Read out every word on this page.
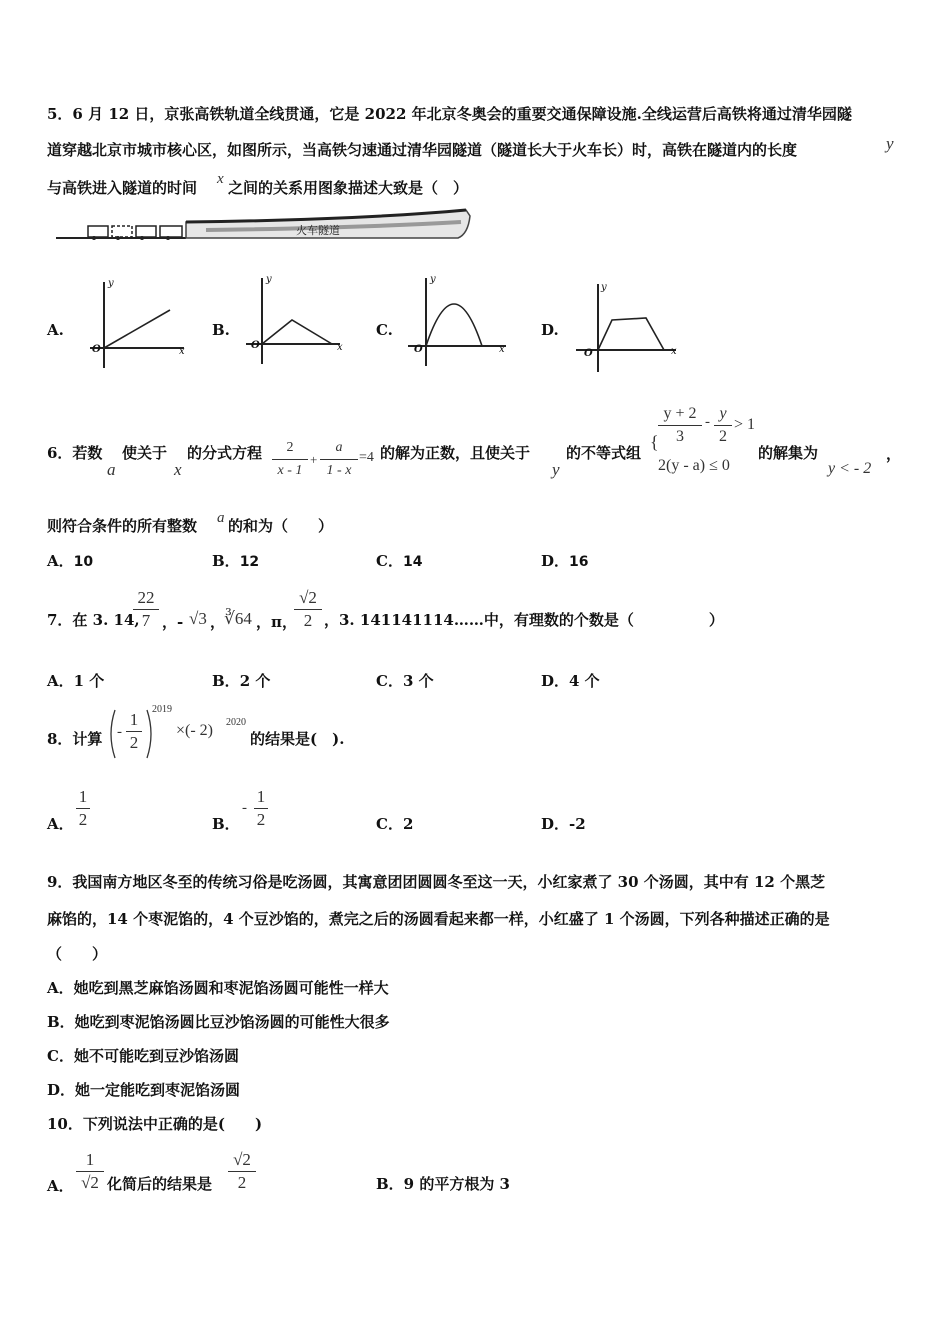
5．6 月 12 日，京张高铁轨道全线贯通，它是 2022 年北京冬奥会的重要交通保障设施.全线运营后高铁将通过清华园隧
道穿越北京市城市核心区，如图所示，当高铁匀速通过清华园隧道（隧道长大于火车长）时，高铁在隧道内的长度	y
与高铁进入隧道的时间 x 之间的关系用图象描述大致是（　）
火车隧道
A.
y
x
O
B.
y
x
O
C.
y
x
O
D.
y
x
O
6．若数
a
使关于
x
的分式方程	2
x - 1
+
a
1 - x
=4 的解为正数，且使关于
y
的不等式组
{
y + 2
3
- y
2
> 1
2(y - a) ≤ 0
的解集为
y < - 2
，
则符合条件的所有整数 a 的和为（　　）
A．10	B．12	C．14	D．16
7．在 3. 14,
22
7 ，- √3 ，
∛64 ，π，
√2
2 ，3. 141141114……中，有理数的个数是（　　　　　）
A．1 个	B．2 个	C．3 个	D．4 个
8．计算 -
1
2
2019
×(- 2) 2020
的结果是(　).
A．
1
2	B．
-
1
2	C．2	D．-2
9．我国南方地区冬至的传统习俗是吃汤圆，其寓意团团圆圆冬至这一天，小红家煮了 30 个汤圆，其中有 12 个黑芝
麻馅的，14 个枣泥馅的，4 个豆沙馅的，煮完之后的汤圆看起来都一样，小红盛了 1 个汤圆，下列各种描述正确的是
（　　）
A．她吃到黑芝麻馅汤圆和枣泥馅汤圆可能性一样大
B．她吃到枣泥馅汤圆比豆沙馅汤圆的可能性大很多
C．她不可能吃到豆沙馅汤圆
D．她一定能吃到枣泥馅汤圆
10．下列说法中正确的是(　　)
A．
1
√2 化简后的结果是
√2
2	B．9 的平方根为 3
